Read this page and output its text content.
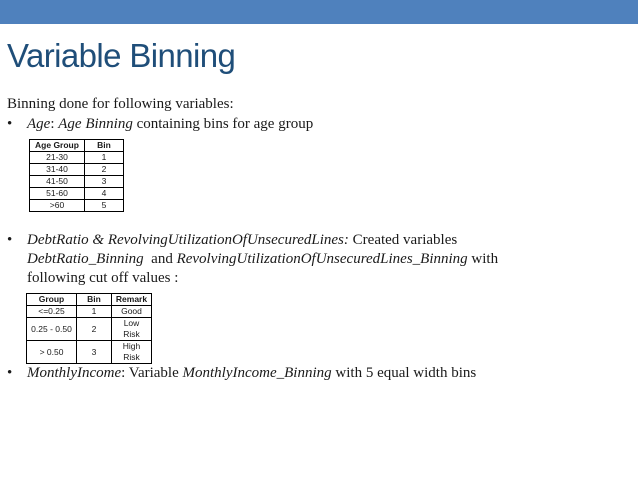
Variable Binning
Binning done for following variables:
• Age: Age Binning containing bins for age group
Age Group	Bin
21-30	1
31-40	2
41-50	3
51-60	4
>60	5
• DebtRatio & RevolvingUtilizationOfUnsecuredLines: Created variables
DebtRatio_Binning  and RevolvingUtilizationOfUnsecuredLines_Binning with
following cut off values :
Group	Bin	Remark
<=0.25	1	Good
0.25 - 0.50	2	Low Risk
> 0.50	3	High Risk
• MonthlyIncome: Variable MonthlyIncome_Binning with 5 equal width bins
